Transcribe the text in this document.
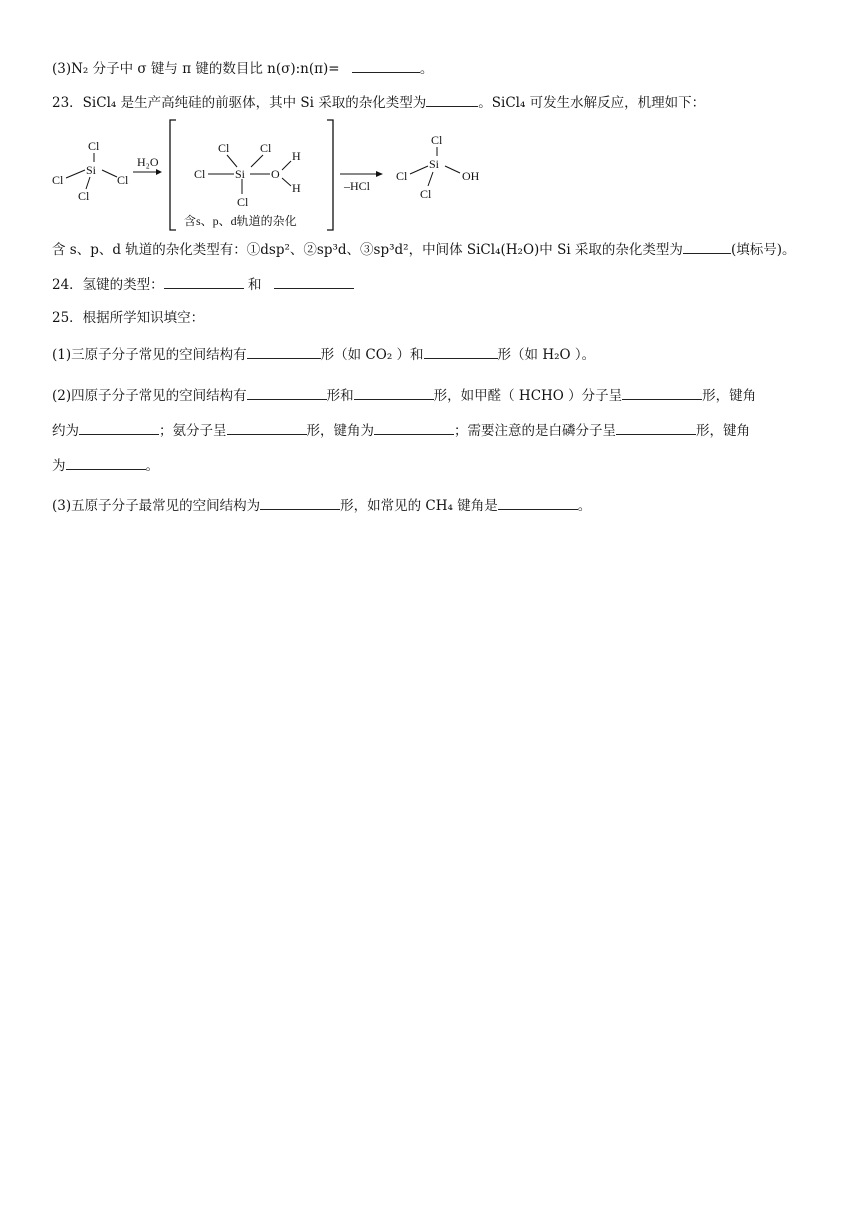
(3)N₂ 分子中 σ 键与 π 键的数目比 n(σ):n(π)=	。
23．SiCl₄ 是生产高纯硅的前驱体，其中 Si 采取的杂化类型为	。SiCl₄ 可发生水解反应，机理如下：
Cl
Si
Cl	Cl
Cl
H₂O
Cl	Cl
Cl Si O
H
H
Cl
含s、p、d轨道的杂化
–HCl
Cl
Si
Cl	OH
Cl
含 s、p、d 轨道的杂化类型有：①dsp²、②sp³d、③sp³d²，中间体 SiCl₄(H₂O)中 Si 采取的杂化类型为	(填标号)。
24．氢键的类型：	和
25．根据所学知识填空：
(1)三原子分子常见的空间结构有	形（如 CO₂ ）和	形（如 H₂O ）。
(2)四原子分子常见的空间结构有	形和	形，如甲醛（ HCHO ）分子呈	形，键角
约为	；氨分子呈	形，键角为	；需要注意的是白磷分子呈	形，键角
为	。
(3)五原子分子最常见的空间结构为	形，如常见的 CH₄ 键角是	。
